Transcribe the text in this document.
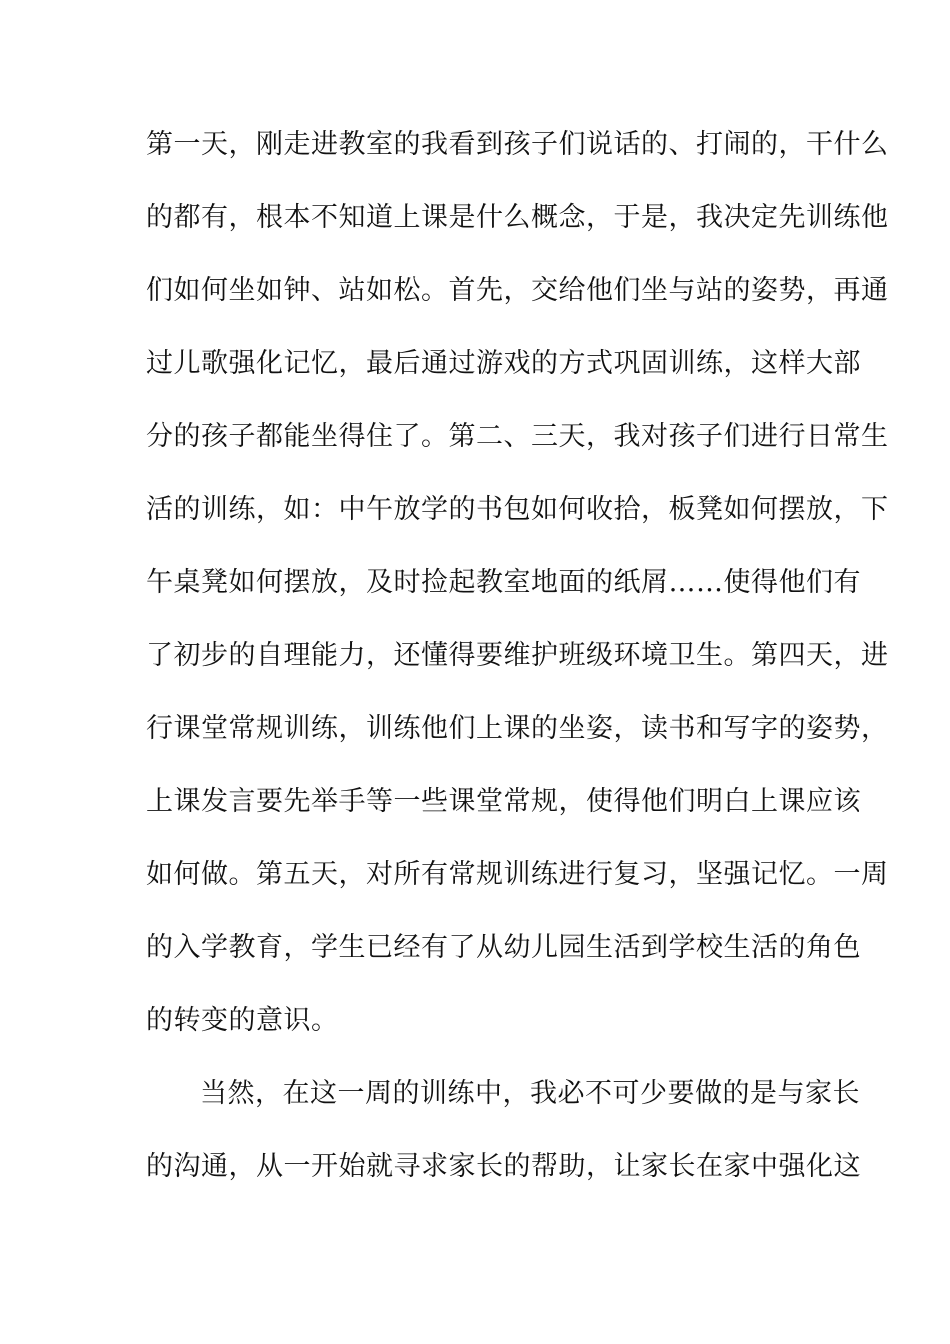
第一天，刚走进教室的我看到孩子们说话的、打闹的，干什么
的都有，根本不知道上课是什么概念，于是，我决定先训练他
们如何坐如钟、站如松。首先，交给他们坐与站的姿势，再通
过儿歌强化记忆，最后通过游戏的方式巩固训练，这样大部
分的孩子都能坐得住了。第二、三天，我对孩子们进行日常生
活的训练，如：中午放学的书包如何收拾，板凳如何摆放，下
午桌凳如何摆放，及时捡起教室地面的纸屑……使得他们有
了初步的自理能力，还懂得要维护班级环境卫生。第四天，进
行课堂常规训练，训练他们上课的坐姿，读书和写字的姿势，
上课发言要先举手等一些课堂常规，使得他们明白上课应该
如何做。第五天，对所有常规训练进行复习，坚强记忆。一周
的入学教育，学生已经有了从幼儿园生活到学校生活的角色
的转变的意识。
当然，在这一周的训练中，我必不可少要做的是与家长
的沟通，从一开始就寻求家长的帮助，让家长在家中强化这
